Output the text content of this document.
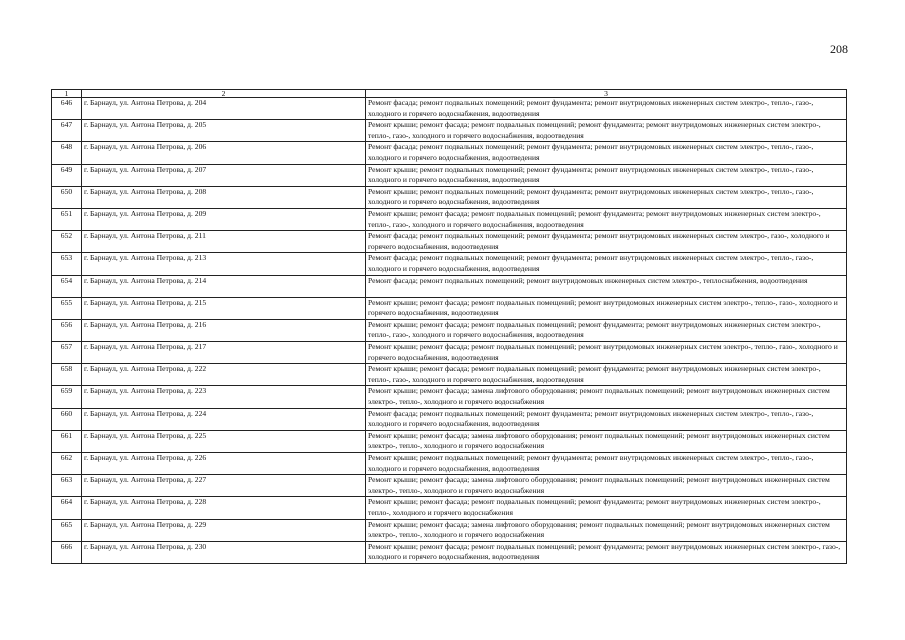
208
1	2	3
646	г. Барнаул, ул. Антона Петрова, д. 204	Ремонт фасада; ремонт подвальных помещений; ремонт фундамента; ремонт внутридомовых инженерных систем электро-, тепло-, газо-, холодного и горячего водоснабжения, водоотведения
647	г. Барнаул, ул. Антона Петрова, д. 205	Ремонт крыши; ремонт фасада; ремонт подвальных помещений; ремонт фундамента; ремонт внутридомовых инженерных систем электро-, тепло-, газо-, холодного и горячего водоснабжения, водоотведения
648	г. Барнаул, ул. Антона Петрова, д. 206	Ремонт фасада; ремонт подвальных помещений; ремонт фундамента; ремонт внутридомовых инженерных систем электро-, тепло-, газо-, холодного и горячего водоснабжения, водоотведения
649	г. Барнаул, ул. Антона Петрова, д. 207	Ремонт крыши; ремонт подвальных помещений; ремонт фундамента; ремонт внутридомовых инженерных систем электро-, тепло-, газо-, холодного и горячего водоснабжения, водоотведения
650	г. Барнаул, ул. Антона Петрова, д. 208	Ремонт крыши; ремонт подвальных помещений; ремонт фундамента; ремонт внутридомовых инженерных систем электро-, тепло-, газо-, холодного и горячего водоснабжения, водоотведения
651	г. Барнаул, ул. Антона Петрова, д. 209	Ремонт крыши; ремонт фасада; ремонт подвальных помещений; ремонт фундамента; ремонт внутридомовых инженерных систем электро-, тепло-, газо-, холодного и горячего водоснабжения, водоотведения
652	г. Барнаул, ул. Антона Петрова, д. 211	Ремонт фасада; ремонт подвальных помещений; ремонт фундамента; ремонт внутридомовых инженерных систем электро-, газо-, холодного и горячего водоснабжения, водоотведения
653	г. Барнаул, ул. Антона Петрова, д. 213	Ремонт фасада; ремонт подвальных помещений; ремонт фундамента; ремонт внутридомовых инженерных систем электро-, тепло-, газо-, холодного и горячего водоснабжения, водоотведения
654	г. Барнаул, ул. Антона Петрова, д. 214	Ремонт фасада; ремонт подвальных помещений; ремонт внутридомовых инженерных систем электро-, теплоснабжения, водоотведения
655	г. Барнаул, ул. Антона Петрова, д. 215	Ремонт крыши; ремонт фасада; ремонт подвальных помещений; ремонт внутридомовых инженерных систем электро-, тепло-, газо-, холодного и горячего водоснабжения, водоотведения
656	г. Барнаул, ул. Антона Петрова, д. 216	Ремонт крыши; ремонт фасада; ремонт подвальных помещений; ремонт фундамента; ремонт внутридомовых инженерных систем электро-, тепло-, газо-, холодного и горячего водоснабжения, водоотведения
657	г. Барнаул, ул. Антона Петрова, д. 217	Ремонт крыши; ремонт фасада; ремонт подвальных помещений; ремонт внутридомовых инженерных систем электро-, тепло-, газо-, холодного и горячего водоснабжения, водоотведения
658	г. Барнаул, ул. Антона Петрова, д. 222	Ремонт крыши; ремонт фасада; ремонт подвальных помещений; ремонт фундамента; ремонт внутридомовых инженерных систем электро-, тепло-, газо-, холодного и горячего водоснабжения, водоотведения
659	г. Барнаул, ул. Антона Петрова, д. 223	Ремонт крыши; ремонт фасада; замена лифтового оборудования; ремонт подвальных помещений; ремонт внутридомовых инженерных систем электро-, тепло-, холодного и горячего водоснабжения
660	г. Барнаул, ул. Антона Петрова, д. 224	Ремонт фасада; ремонт подвальных помещений; ремонт фундамента; ремонт внутридомовых инженерных систем электро-, тепло-, газо-, холодного и горячего водоснабжения, водоотведения
661	г. Барнаул, ул. Антона Петрова, д. 225	Ремонт крыши; ремонт фасада; замена лифтового оборудования; ремонт подвальных помещений; ремонт внутридомовых инженерных систем электро-, тепло-, холодного и горячего водоснабжения
662	г. Барнаул, ул. Антона Петрова, д. 226	Ремонт крыши; ремонт подвальных помещений; ремонт фундамента; ремонт внутридомовых инженерных систем электро-, тепло-, газо-, холодного и горячего водоснабжения, водоотведения
663	г. Барнаул, ул. Антона Петрова, д. 227	Ремонт крыши; ремонт фасада; замена лифтового оборудования; ремонт подвальных помещений; ремонт внутридомовых инженерных систем электро-, тепло-, холодного и горячего водоснабжения
664	г. Барнаул, ул. Антона Петрова, д. 228	Ремонт крыши; ремонт фасада; ремонт подвальных помещений; ремонт фундамента; ремонт внутридомовых инженерных систем электро-, тепло-, холодного и горячего водоснабжения
665	г. Барнаул, ул. Антона Петрова, д. 229	Ремонт крыши; ремонт фасада; замена лифтового оборудования; ремонт подвальных помещений; ремонт внутридомовых инженерных систем электро-, тепло-, холодного и горячего водоснабжения
666	г. Барнаул, ул. Антона Петрова, д. 230	Ремонт крыши; ремонт фасада; ремонт подвальных помещений; ремонт фундамента; ремонт внутридомовых инженерных систем электро-, газо-, холодного и горячего водоснабжения, водоотведения
